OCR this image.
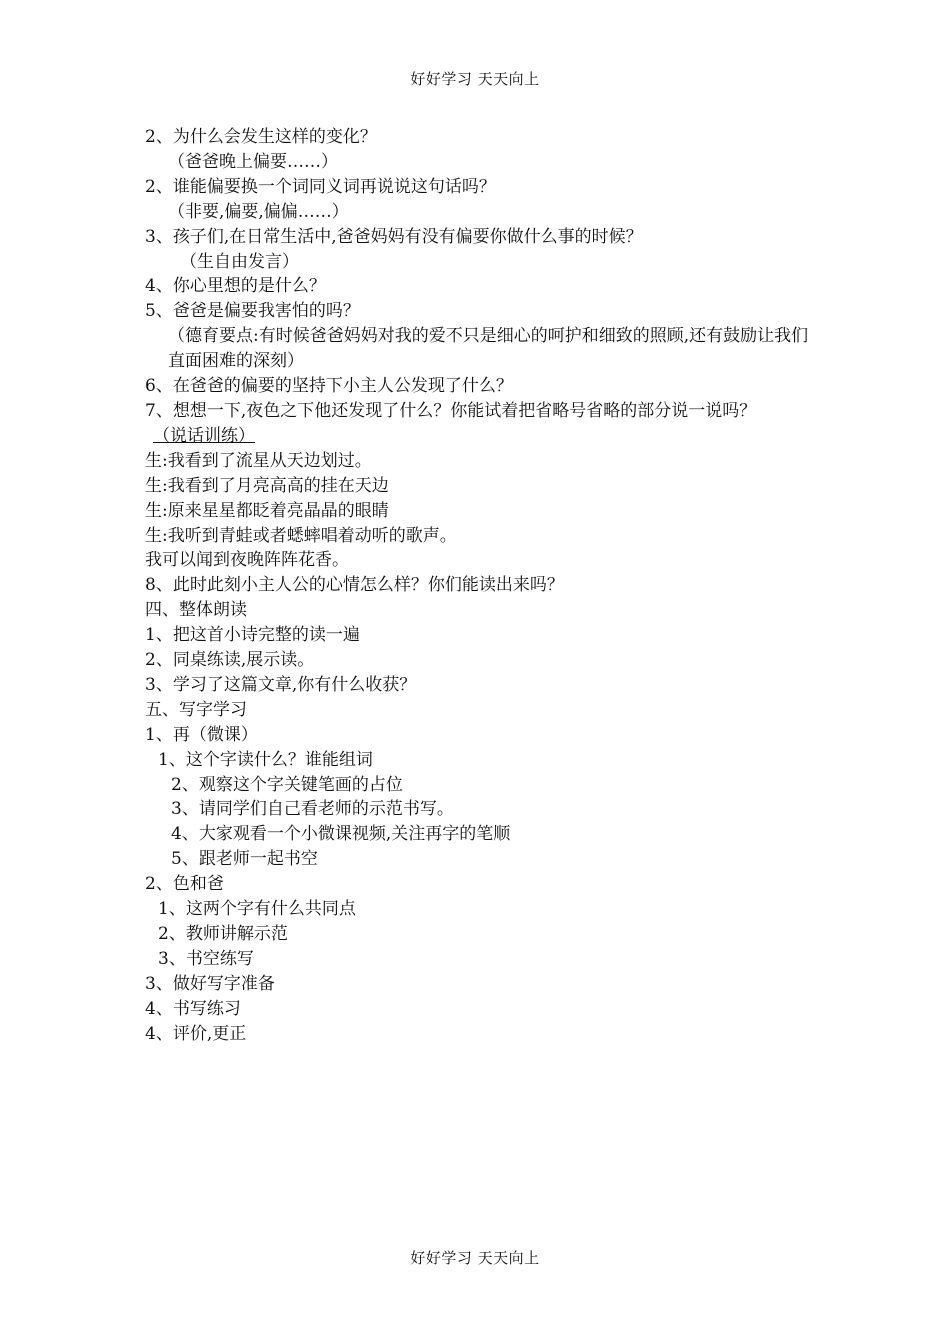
好好学习 天天向上

2、为什么会发生这样的变化？

（爸爸晚上偏要……）

2、谁能偏要换一个词同义词再说说这句话吗？

（非要,偏要,偏偏……）

3、孩子们,在日常生活中,爸爸妈妈有没有偏要你做什么事的时候？

（生自由发言）

4、你心里想的是什么？

5、爸爸是偏要我害怕的吗？

（德育要点:有时候爸爸妈妈对我的爱不只是细心的呵护和细致的照顾,还有鼓励让我们直面困难的深刻）

6、在爸爸的偏要的坚持下小主人公发现了什么？

7、想想一下,夜色之下他还发现了什么？你能试着把省略号省略的部分说一说吗？

（说话训练）

生:我看到了流星从天边划过。

生:我看到了月亮高高的挂在天边

生:原来星星都眨着亮晶晶的眼睛

生:我听到青蛙或者蟋蟀唱着动听的歌声。

我可以闻到夜晚阵阵花香。

8、此时此刻小主人公的心情怎么样？你们能读出来吗？

四、整体朗读

1、把这首小诗完整的读一遍

2、同桌练读,展示读。

3、学习了这篇文章,你有什么收获？

五、写字学习

1、再（微课）

1、这个字读什么？谁能组词

2、观察这个字关键笔画的占位

3、请同学们自己看老师的示范书写。

4、大家观看一个小微课视频,关注再字的笔顺

5、跟老师一起书空

2、色和爸

1、这两个字有什么共同点

2、教师讲解示范

3、书空练写

3、做好写字准备

4、书写练习

4、评价,更正

好好学习 天天向上
